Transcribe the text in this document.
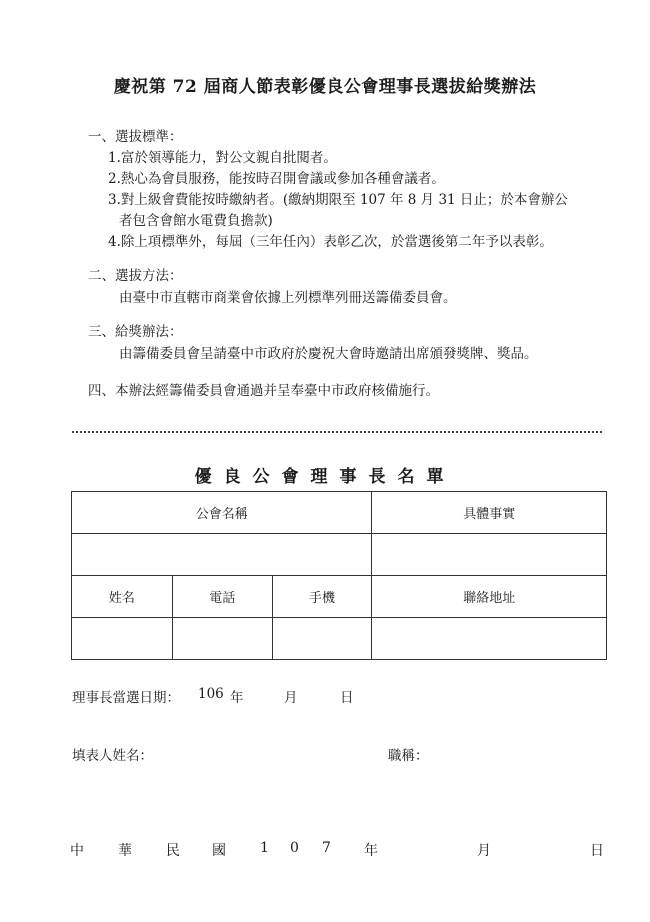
慶祝第 72 屆商人節表彰優良公會理事長選拔給獎辦法
一、選拔標準：
1.富於領導能力，對公文親自批閱者。
2.熱心為會員服務，能按時召開會議或參加各種會議者。
3.對上級會費能按時繳納者。(繳納期限至 107 年 8 月 31 日止；於本會辦公
者包含會館水電費負擔款)
4.除上項標準外，每屆（三年任內）表彰乙次，於當選後第二年予以表彰。
二、選拔方法：
由臺中市直轄市商業會依據上列標準列冊送籌備委員會。
三、給獎辦法：
由籌備委員會呈請臺中市政府於慶祝大會時邀請出席頒發獎牌、獎品。
四、本辦法經籌備委員會通過并呈奉臺中市政府核備施行。
優良公會理事長名單
公會名稱			具體事實

姓名	電話	手機	聯絡地址

理事長當選日期： 106 年	月	日
填表人姓名：	職稱：
中 華 民 國 1 0 7 年	月	日
